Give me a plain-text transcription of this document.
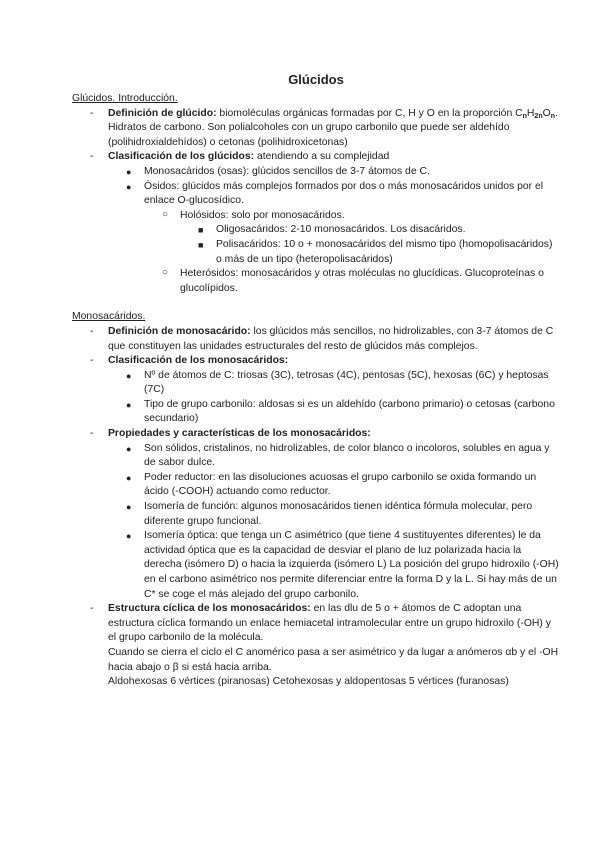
Glúcidos
Glúcidos. Introducción.
- Definición de glúcido: biomoléculas orgánicas formadas por C, H y O en la proporción $C_nH_{2n}O_n$. Hidratos de carbono. Son polialcoholes con un grupo carbonilo que puede ser aldehído (polihidroxialdehídos) o cetonas (polihidroxicetonas)
- Clasificación de los glúcidos: atendiendo a su complejidad
● Monosacáridos (osas): glúcidos sencillos de 3-7 átomos de C.
● Ósidos: glúcidos más complejos formados por dos o más monosacáridos unidos por el enlace O-glucosídico.
○ Holósidos: solo por monosacáridos.
■ Oligosacáridos: 2-10 monosacáridos. Los disacáridos.
■ Polisacáridos: 10 o + monosacáridos del mismo tipo (homopolisacáridos) o más de un tipo (heteropolisacáridos)
○ Heterósidos: monosacáridos y otras moléculas no glucídicas. Glucoproteínas o glucolípidos.
Monosacáridos.
- Definición de monosacárido: los glúcidos más sencillos, no hidrolizables, con 3-7 átomos de C que constituyen las unidades estructurales del resto de glúcidos más complejos.
- Clasificación de los monosacáridos:
● Nº de átomos de C: triosas (3C), tetrosas (4C), pentosas (5C), hexosas (6C) y heptosas (7C)
● Tipo de grupo carbonilo: aldosas si es un aldehído (carbono primario) o cetosas (carbono secundario)
- Propiedades y características de los monosacáridos:
● Son sólidos, cristalinos, no hidrolizables, de color blanco o incoloros, solubles en agua y de sabor dulce.
● Poder reductor: en las disoluciones acuosas el grupo carbonilo se oxida formando un ácido (-COOH) actuando como reductor.
● Isomería de función: algunos monosacáridos tienen idéntica fórmula molecular, pero diferente grupo funcional.
● Isomería óptica: que tenga un C asimétrico (que tiene 4 sustituyentes diferentes) le da actividad óptica que es la capacidad de desviar el plano de luz polarizada hacia la derecha (isómero D) o hacia la izquierda (isómero L) La posición del grupo hidroxilo (-OH) en el carbono asimétrico nos permite diferenciar entre la forma D y la L. Si hay más de un C* se coge el más alejado del grupo carbonilo.
- Estructura cíclica de los monosacáridos: en las dlu de 5 o + átomos de C adoptan una estructura cíclica formando un enlace hemiacetal intramolecular entre un grupo hidroxilo (-OH) y el grupo carbonilo de la molécula.
Cuando se cierra el ciclo el C anomérico pasa a ser asimétrico y da lugar a anómeros αb y el -OH hacia abajo o β si está hacia arriba.
Aldohexosas 6 vértices (piranosas) Cetohexosas y aldopentosas 5 vértices (furanosas)
